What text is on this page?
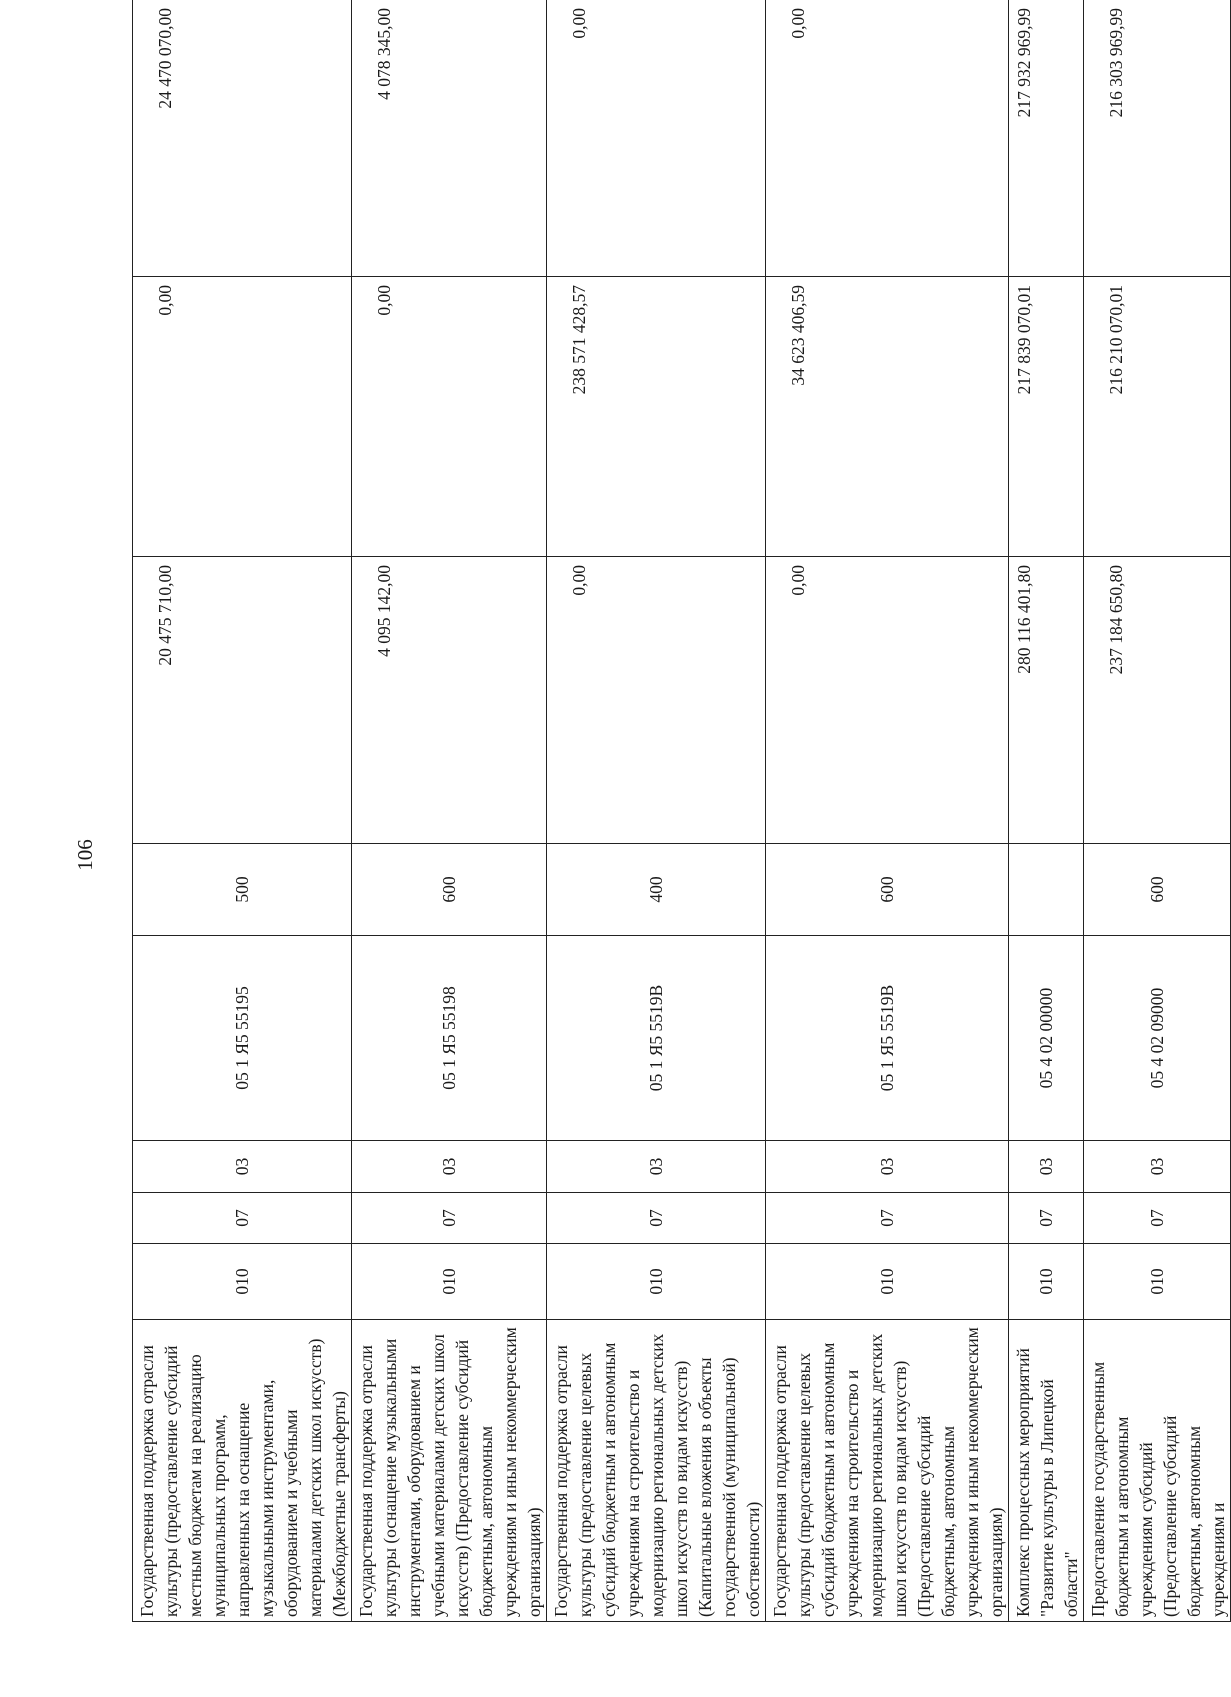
106
Государственная поддержка отрасли культуры (предоставление субсидий местным бюджетам на реализацию муниципальных программ, направленных на оснащение музыкальными инструментами, оборудованием и учебными материалами детских школ искусств) (Межбюджетные трансферты)	010	07	03	05 1 Я5 55195	500	20 475 710,00	0,00	24 470 070,00
Государственная поддержка отрасли культуры (оснащение музыкальными инструментами, оборудованием и учебными материалами детских школ искусств) (Предоставление субсидий бюджетным, автономным учреждениям и иным некоммерческим организациям)	010	07	03	05 1 Я5 55198	600	4 095 142,00	0,00	4 078 345,00
Государственная поддержка отрасли культуры (предоставление целевых субсидий бюджетным и автономным учреждениям на строительство и модернизацию региональных детских школ искусств по видам искусств) (Капитальные вложения в объекты государственной (муниципальной) собственности)	010	07	03	05 1 Я5 5519В	400	0,00	238 571 428,57	0,00
Государственная поддержка отрасли культуры (предоставление целевых субсидий бюджетным и автономным учреждениям на строительство и модернизацию региональных детских школ искусств по видам искусств) (Предоставление субсидий бюджетным, автономным учреждениям и иным некоммерческим организациям)	010	07	03	05 1 Я5 5519В	600	0,00	34 623 406,59	0,00
Комплекс процессных мероприятий "Развитие культуры в Липецкой области"	010	07	03	05 4 02 00000		280 116 401,80	217 839 070,01	217 932 969,99
Предоставление государственным бюджетным и автономным учреждениям субсидий (Предоставление субсидий бюджетным, автономным учреждениям и	010	07	03	05 4 02 09000	600	237 184 650,80	216 210 070,01	216 303 969,99
